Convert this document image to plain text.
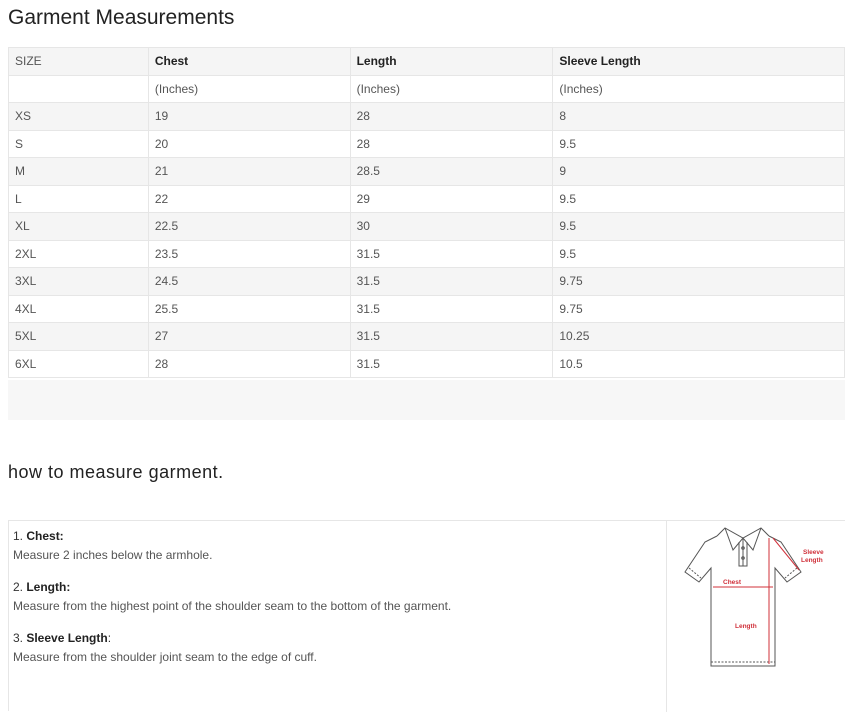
Garment Measurements
SIZE	Chest	Length	Sleeve Length
	(Inches)	(Inches)	(Inches)
XS	19	28	8
S	20	28	9.5
M	21	28.5	9
L	22	29	9.5
XL	22.5	30	9.5
2XL	23.5	31.5	9.5
3XL	24.5	31.5	9.75
4XL	25.5	31.5	9.75
5XL	27	31.5	10.25
6XL	28	31.5	10.5
how to measure garment.
1. Chest:
Measure 2 inches below the armhole.
2. Length:
Measure from the highest point of the shoulder seam to the bottom of the garment.
3. Sleeve Length:
Measure from the shoulder joint seam to the edge of cuff.
Chest
Length
Sleeve
Length
